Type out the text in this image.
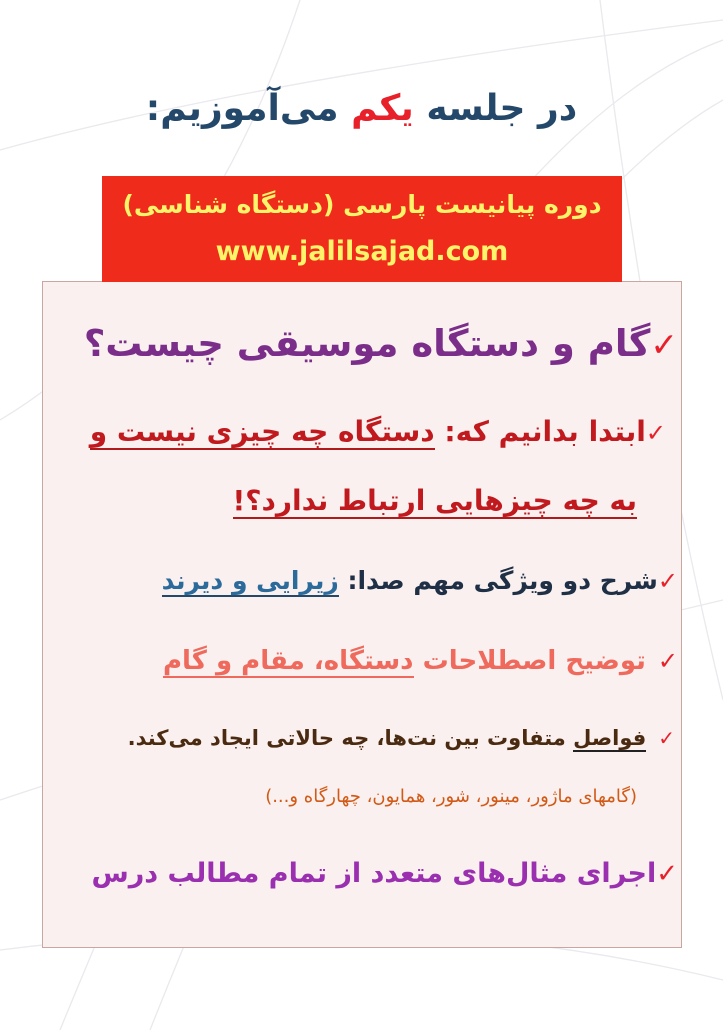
در جلسه یکم می‌آموزیم:
دوره پیانیست پارسی (دستگاه شناسی)
www.jalilsajad.com
✓گام و دستگاه موسیقی چیست؟
✓ابتدا بدانیم که: دستگاه چه چیزی نیست و
به چه چیزهایی ارتباط ندارد؟!
✓شرح دو ویژگی مهم صدا: زیرایی و دیرند
✓توضیح اصطلاحات دستگاه، مقام و گام
✓فواصل متفاوت بین نت‌ها، چه حالاتی ایجاد می‌کند.
(گامهای ماژور، مینور، شور، همایون، چهارگاه و...)
✓اجرای مثال‌های متعدد از تمام مطالب درس
